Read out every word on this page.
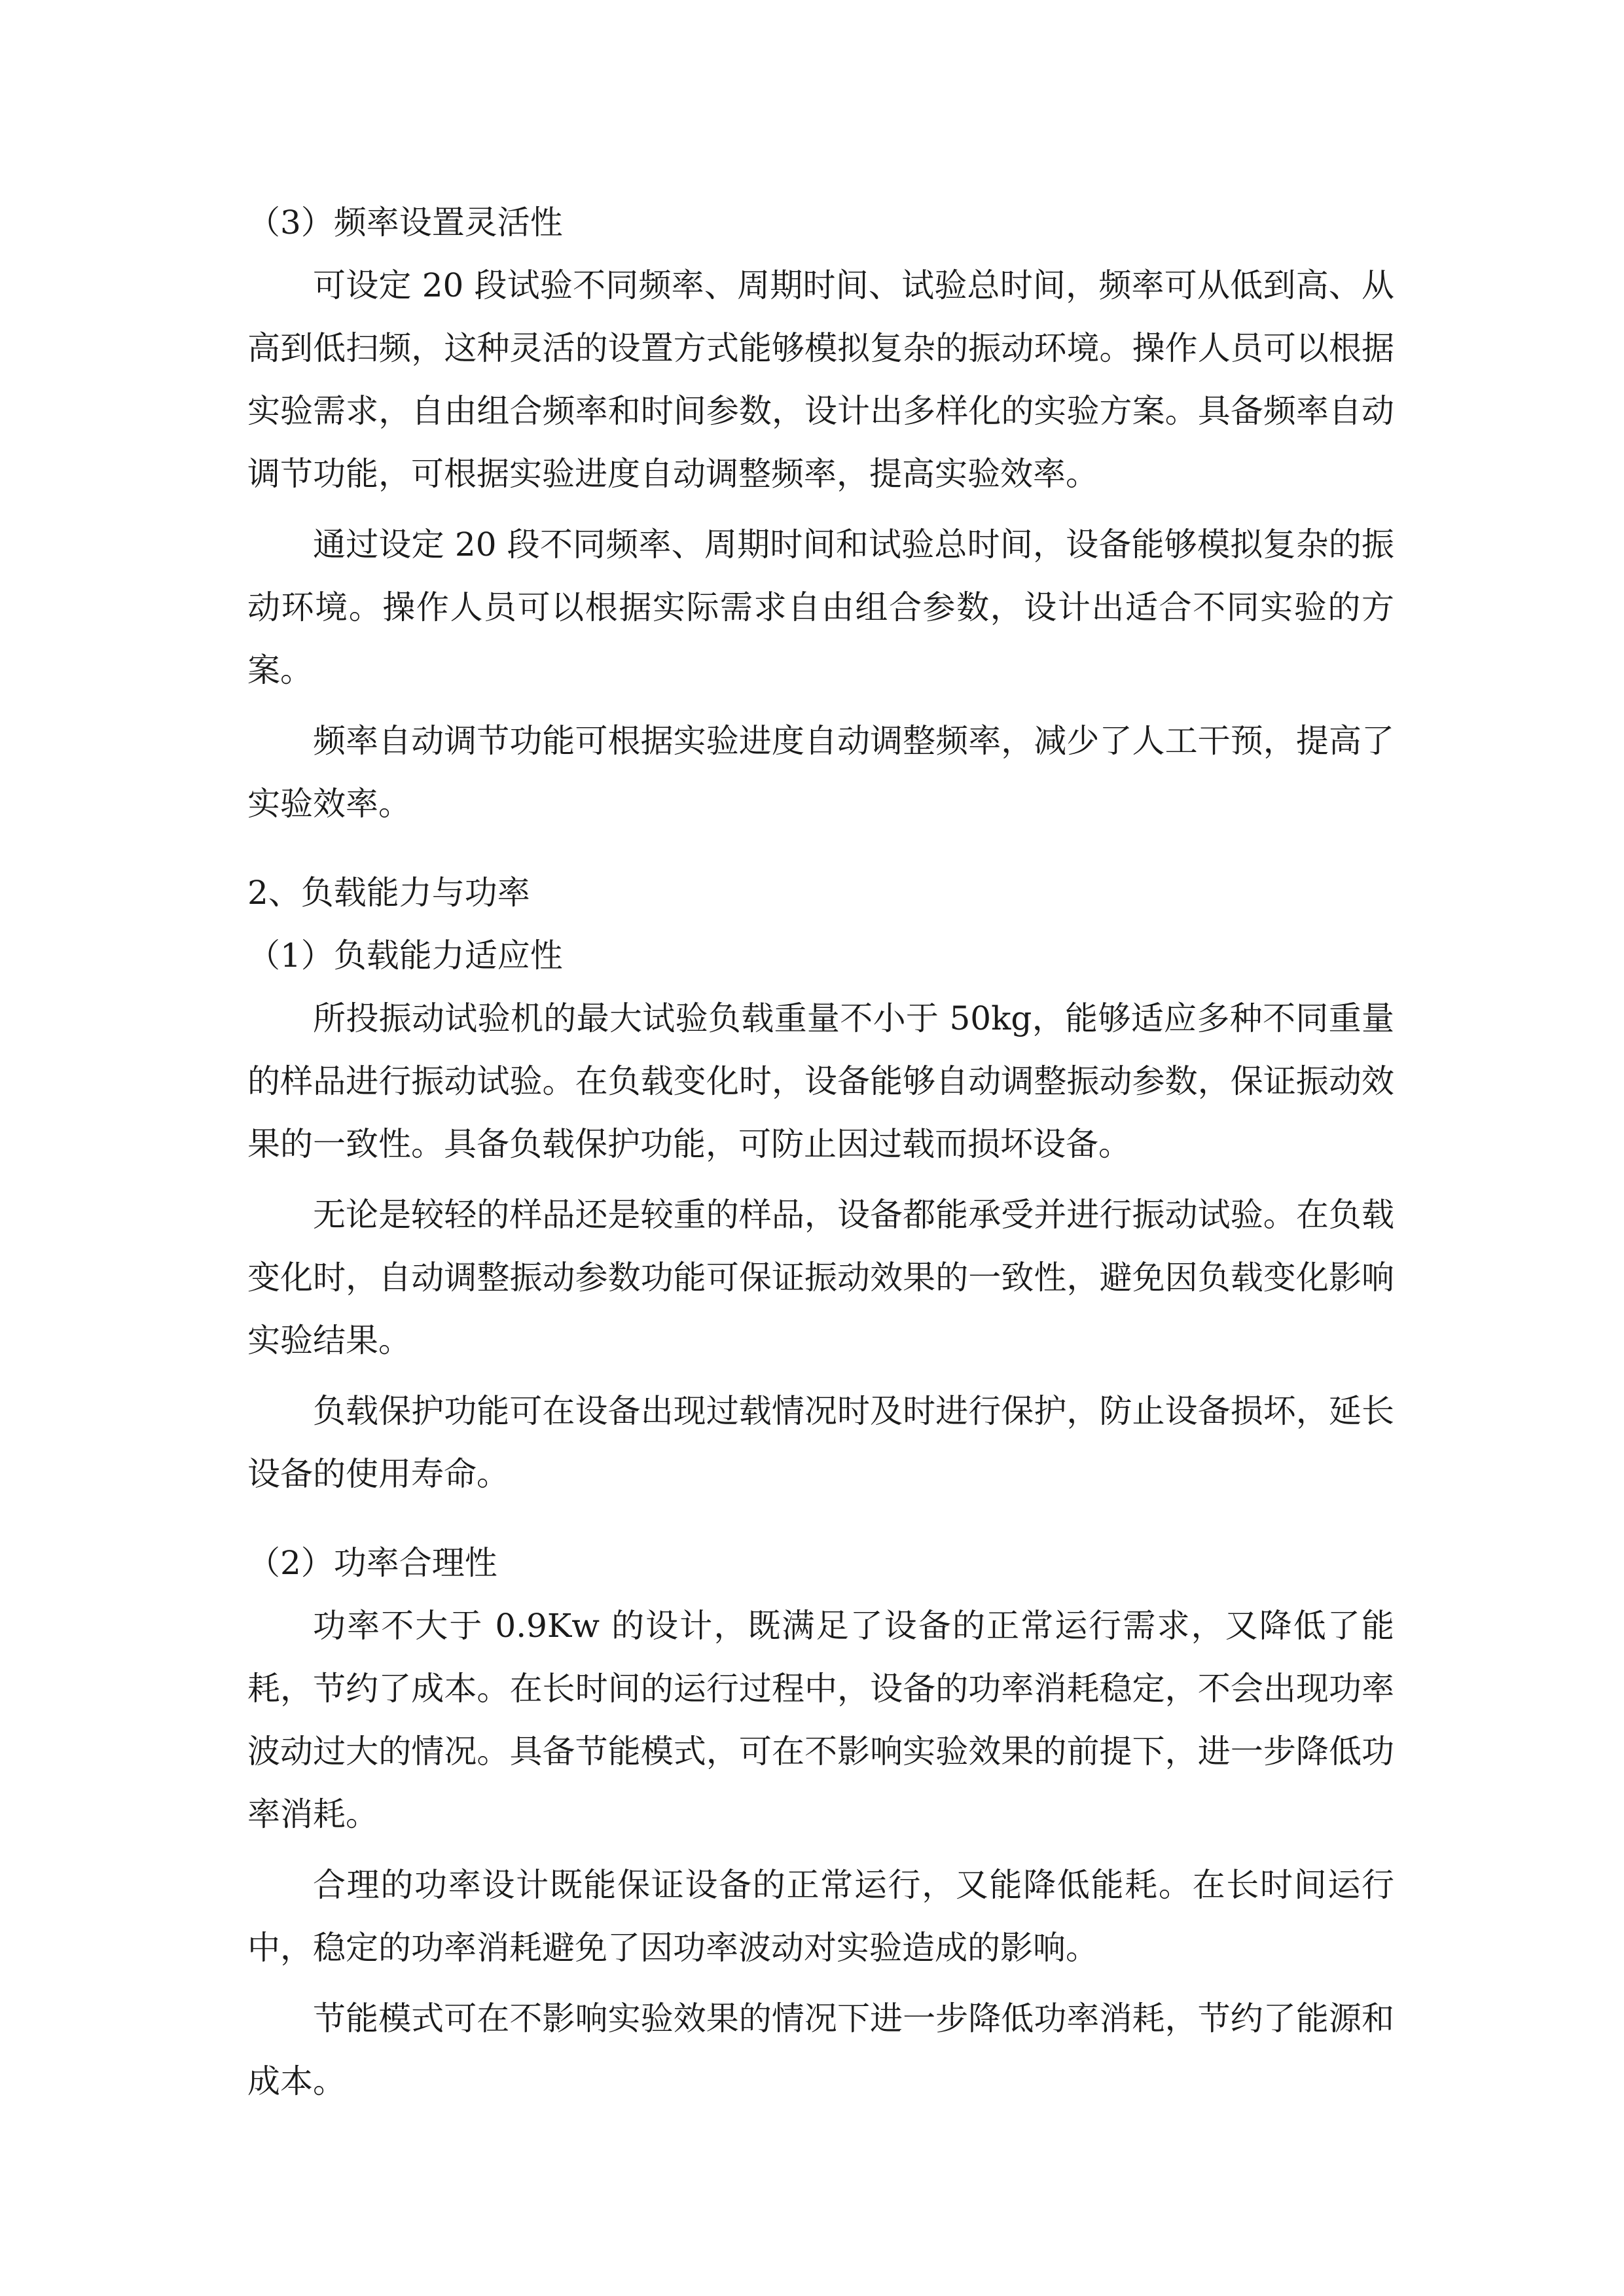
（3）频率设置灵活性

可设定 20 段试验不同频率、周期时间、试验总时间，频率可从低到高、从高到低扫频，这种灵活的设置方式能够模拟复杂的振动环境。操作人员可以根据实验需求，自由组合频率和时间参数，设计出多样化的实验方案。具备频率自动调节功能，可根据实验进度自动调整频率，提高实验效率。

通过设定 20 段不同频率、周期时间和试验总时间，设备能够模拟复杂的振动环境。操作人员可以根据实际需求自由组合参数，设计出适合不同实验的方案。

频率自动调节功能可根据实验进度自动调整频率，减少了人工干预，提高了实验效率。

2、负载能力与功率

（1）负载能力适应性

所投振动试验机的最大试验负载重量不小于 50kg，能够适应多种不同重量的样品进行振动试验。在负载变化时，设备能够自动调整振动参数，保证振动效果的一致性。具备负载保护功能，可防止因过载而损坏设备。

无论是较轻的样品还是较重的样品，设备都能承受并进行振动试验。在负载变化时，自动调整振动参数功能可保证振动效果的一致性，避免因负载变化影响实验结果。

负载保护功能可在设备出现过载情况时及时进行保护，防止设备损坏，延长设备的使用寿命。

（2）功率合理性

功率不大于 0.9Kw 的设计，既满足了设备的正常运行需求，又降低了能耗，节约了成本。在长时间的运行过程中，设备的功率消耗稳定，不会出现功率波动过大的情况。具备节能模式，可在不影响实验效果的前提下，进一步降低功率消耗。

合理的功率设计既能保证设备的正常运行，又能降低能耗。在长时间运行中，稳定的功率消耗避免了因功率波动对实验造成的影响。

节能模式可在不影响实验效果的情况下进一步降低功率消耗，节约了能源和成本。
